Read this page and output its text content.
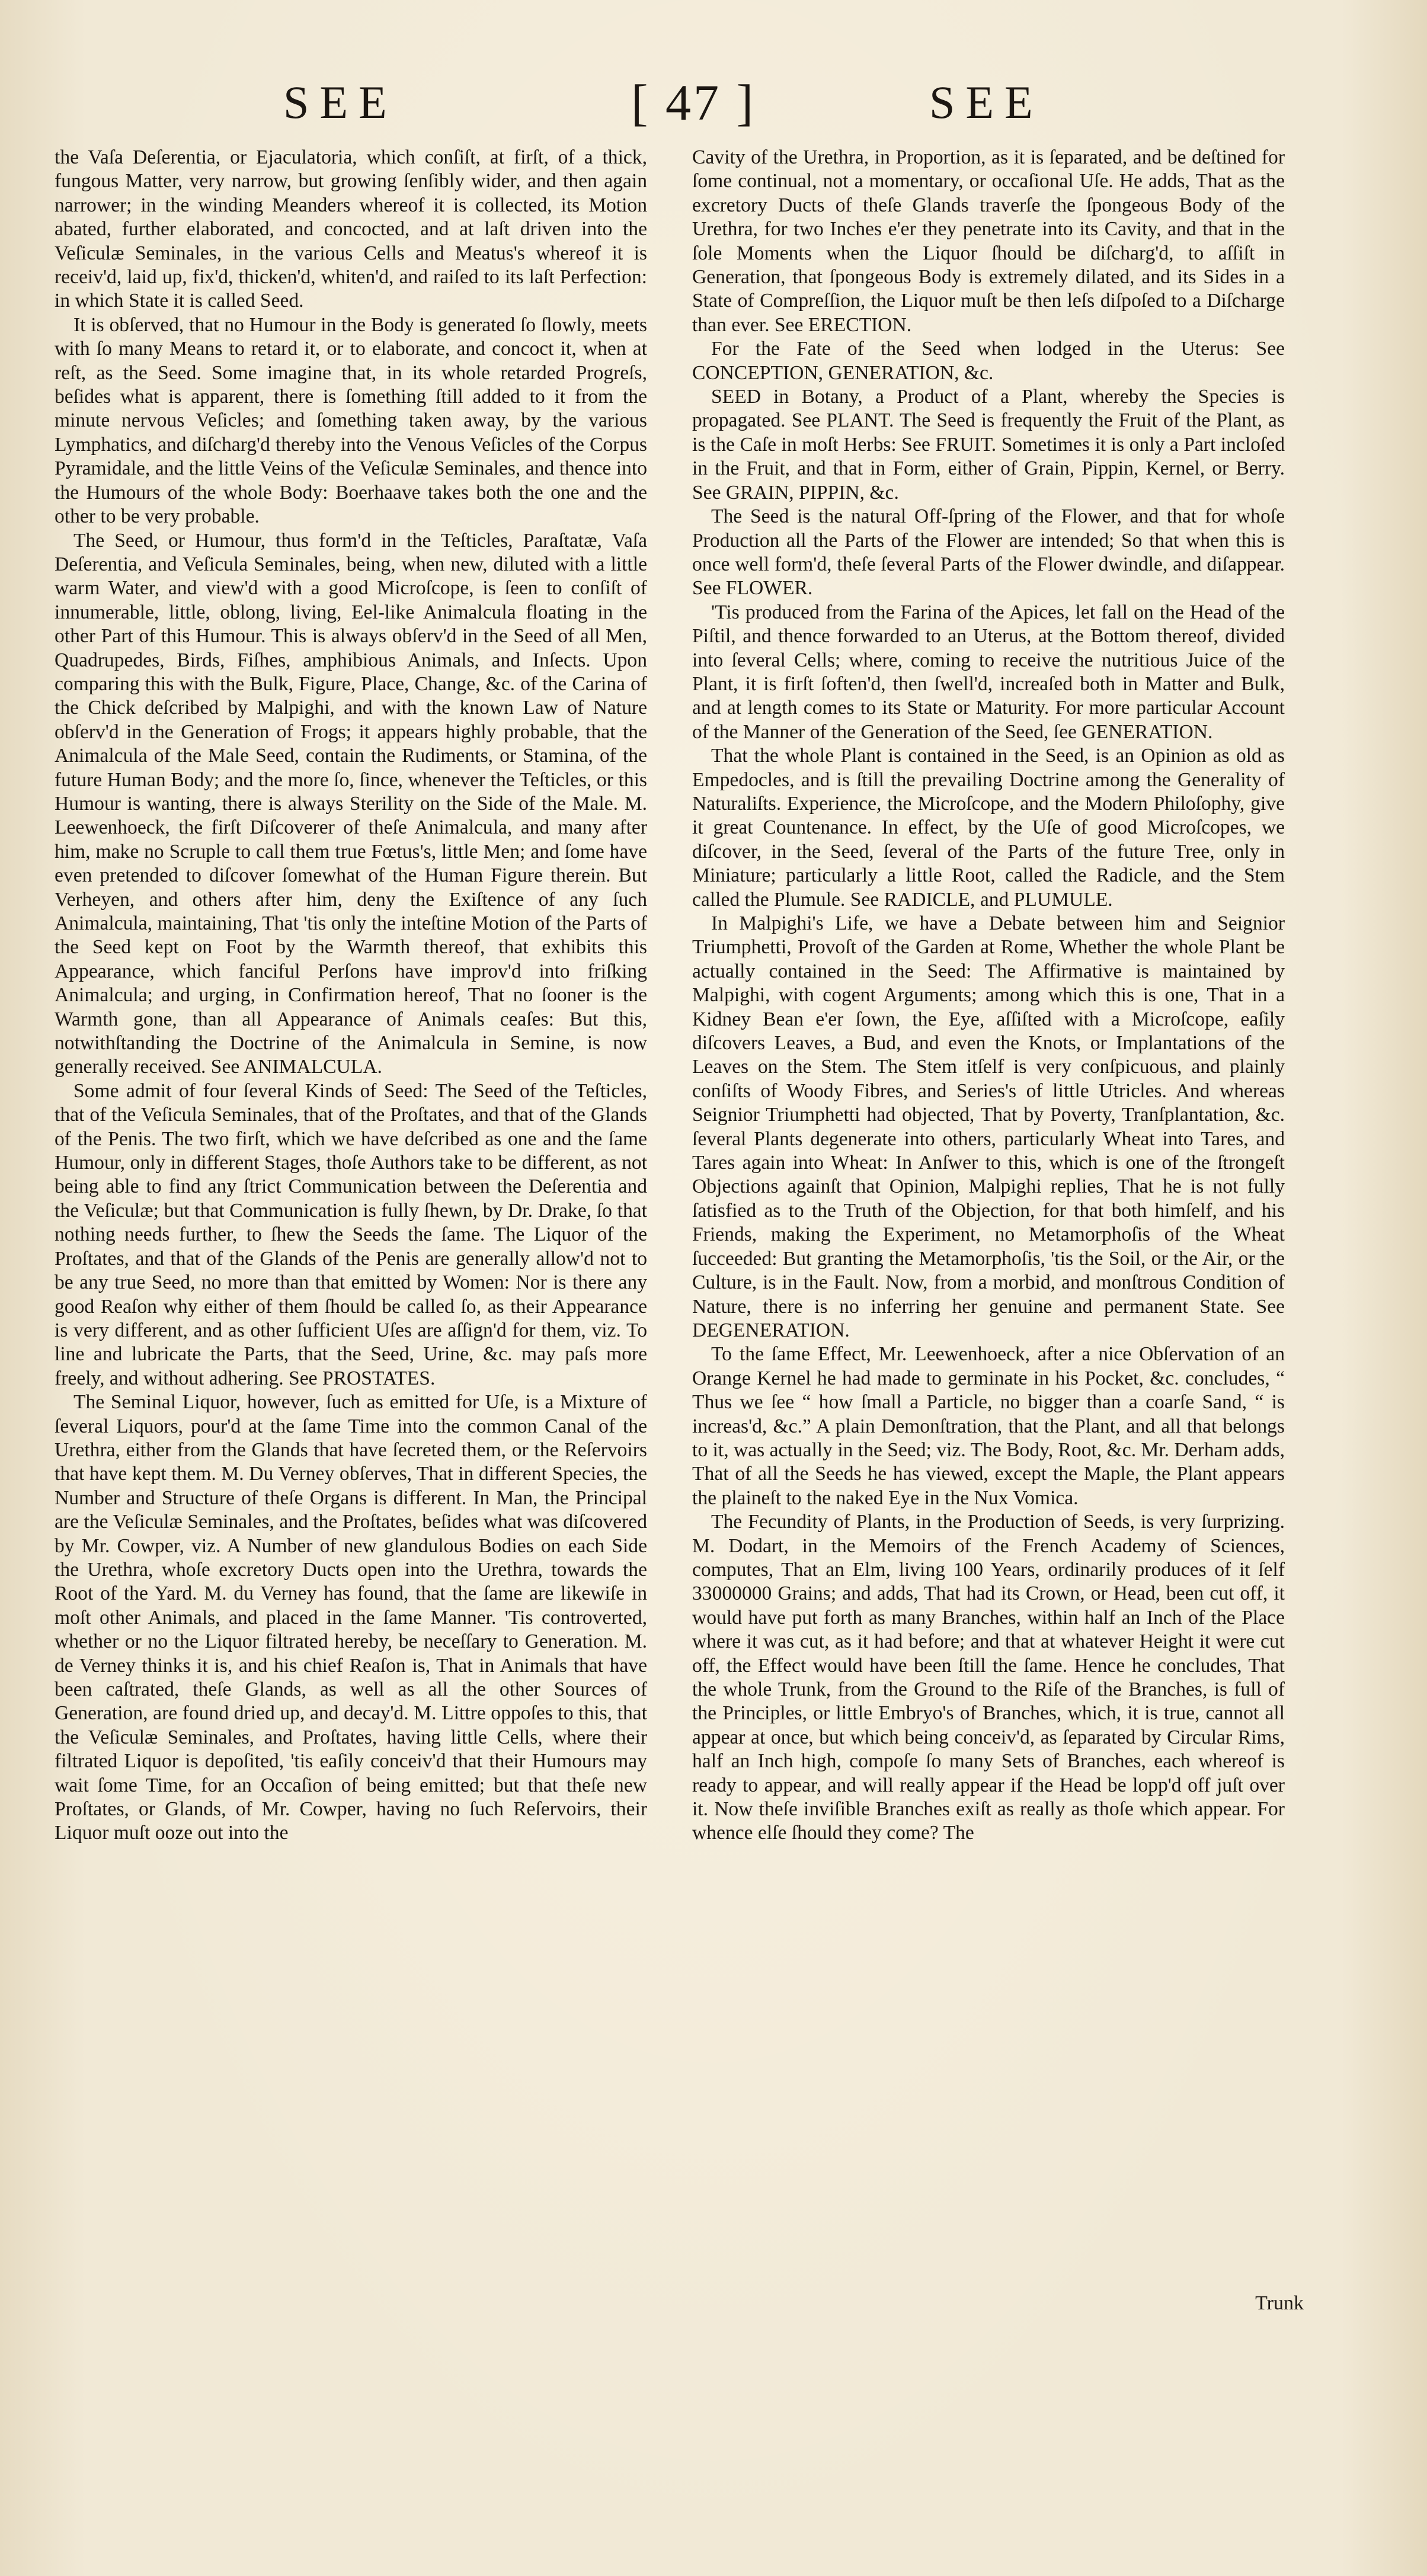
SEE	[ 47 ]	SEE

the Vaſa Deſerentia, or Ejaculatoria, which conſiſt, at firſt, of a thick, fungous Matter, very narrow, but growing ſenſibly wider, and then again narrower; in the winding Meanders whereof it is collected, its Motion abated, further elaborated, and concocted, and at laſt driven into the Veſiculæ Seminales, in the various Cells and Meatus's whereof it is receiv'd, laid up, fix'd, thicken'd, whiten'd, and raiſed to its laſt Perfection: in which State it is called Seed.

It is obſerved, that no Humour in the Body is generated ſo ſlowly, meets with ſo many Means to retard it, or to elaborate, and concoct it, when at reſt, as the Seed. Some imagine that, in its whole retarded Progreſs, beſides what is apparent, there is ſomething ſtill added to it from the minute nervous Veſicles; and ſomething taken away, by the various Lymphatics, and diſcharg'd thereby into the Venous Veſicles of the Corpus Pyramidale, and the little Veins of the Veſiculæ Seminales, and thence into the Humours of the whole Body: Boerhaave takes both the one and the other to be very probable.

The Seed, or Humour, thus form'd in the Teſticles, Paraſtatæ, Vaſa Deſerentia, and Veſicula Seminales, being, when new, diluted with a little warm Water, and view'd with a good Microſcope, is ſeen to conſiſt of innumerable, little, oblong, living, Eel-like Animalcula floating in the other Part of this Humour. This is always obſerv'd in the Seed of all Men, Quadrupedes, Birds, Fiſhes, amphibious Animals, and Inſects. Upon comparing this with the Bulk, Figure, Place, Change, &c. of the Carina of the Chick deſcribed by Malpighi, and with the known Law of Nature obſerv'd in the Generation of Frogs; it appears highly probable, that the Animalcula of the Male Seed, contain the Rudiments, or Stamina, of the future Human Body; and the more ſo, ſince, whenever the Teſticles, or this Humour is wanting, there is always Sterility on the Side of the Male. M. Leewenhoeck, the firſt Diſcoverer of theſe Animalcula, and many after him, make no Scruple to call them true Fœtus's, little Men; and ſome have even pretended to diſcover ſomewhat of the Human Figure therein. But Verheyen, and others after him, deny the Exiſtence of any ſuch Animalcula, maintaining, That 'tis only the inteſtine Motion of the Parts of the Seed kept on Foot by the Warmth thereof, that exhibits this Appearance, which fanciful Perſons have improv'd into friſking Animalcula; and urging, in Confirmation hereof, That no ſooner is the Warmth gone, than all Appearance of Animals ceaſes: But this, notwithſtanding the Doctrine of the Animalcula in Semine, is now generally received. See ANIMALCULA.

Some admit of four ſeveral Kinds of Seed: The Seed of the Teſticles, that of the Veſicula Seminales, that of the Proſtates, and that of the Glands of the Penis. The two firſt, which we have deſcribed as one and the ſame Humour, only in different Stages, thoſe Authors take to be different, as not being able to find any ſtrict Communication between the Deſerentia and the Veſiculæ; but that Communication is fully ſhewn, by Dr. Drake, ſo that nothing needs further, to ſhew the Seeds the ſame. The Liquor of the Proſtates, and that of the Glands of the Penis are generally allow'd not to be any true Seed, no more than that emitted by Women: Nor is there any good Reaſon why either of them ſhould be called ſo, as their Appearance is very different, and as other ſufficient Uſes are aſſign'd for them, viz. To line and lubricate the Parts, that the Seed, Urine, &c. may paſs more freely, and without adhering. See PROSTATES.

The Seminal Liquor, however, ſuch as emitted for Uſe, is a Mixture of ſeveral Liquors, pour'd at the ſame Time into the common Canal of the Urethra, either from the Glands that have ſecreted them, or the Reſervoirs that have kept them. M. Du Verney obſerves, That in different Species, the Number and Structure of theſe Organs is different. In Man, the Principal are the Veſiculæ Seminales, and the Proſtates, beſides what was diſcovered by Mr. Cowper, viz. A Number of new glandulous Bodies on each Side the Urethra, whoſe excretory Ducts open into the Urethra, towards the Root of the Yard. M. du Verney has found, that the ſame are likewiſe in moſt other Animals, and placed in the ſame Manner. 'Tis controverted, whether or no the Liquor filtrated hereby, be neceſſary to Generation. M. de Verney thinks it is, and his chief Reaſon is, That in Animals that have been caſtrated, theſe Glands, as well as all the other Sources of Generation, are found dried up, and decay'd. M. Littre oppoſes to this, that the Veſiculæ Seminales, and Proſtates, having little Cells, where their filtrated Liquor is depoſited, 'tis eaſily conceiv'd that their Humours may wait ſome Time, for an Occaſion of being emitted; but that theſe new Proſtates, or Glands, of Mr. Cowper, having no ſuch Reſervoirs, their Liquor muſt ooze out into the

Cavity of the Urethra, in Proportion, as it is ſeparated, and be deſtined for ſome continual, not a momentary, or occaſional Uſe. He adds, That as the excretory Ducts of theſe Glands traverſe the ſpongeous Body of the Urethra, for two Inches e'er they penetrate into its Cavity, and that in the ſole Moments when the Liquor ſhould be diſcharg'd, to aſſiſt in Generation, that ſpongeous Body is extremely dilated, and its Sides in a State of Compreſſion, the Liquor muſt be then leſs diſpoſed to a Diſcharge than ever. See ERECTION.

For the Fate of the Seed when lodged in the Uterus: See CONCEPTION, GENERATION, &c.

SEED in Botany, a Product of a Plant, whereby the Species is propagated. See PLANT. The Seed is frequently the Fruit of the Plant, as is the Caſe in moſt Herbs: See FRUIT. Sometimes it is only a Part incloſed in the Fruit, and that in Form, either of Grain, Pippin, Kernel, or Berry. See GRAIN, PIPPIN, &c.

The Seed is the natural Off-ſpring of the Flower, and that for whoſe Production all the Parts of the Flower are intended; So that when this is once well form'd, theſe ſeveral Parts of the Flower dwindle, and diſappear. See FLOWER.

'Tis produced from the Farina of the Apices, let fall on the Head of the Piſtil, and thence forwarded to an Uterus, at the Bottom thereof, divided into ſeveral Cells; where, coming to receive the nutritious Juice of the Plant, it is firſt ſoften'd, then ſwell'd, increaſed both in Matter and Bulk, and at length comes to its State or Maturity. For more particular Account of the Manner of the Generation of the Seed, ſee GENERATION.

That the whole Plant is contained in the Seed, is an Opinion as old as Empedocles, and is ſtill the prevailing Doctrine among the Generality of Naturaliſts. Experience, the Microſcope, and the Modern Philoſophy, give it great Countenance. In effect, by the Uſe of good Microſcopes, we diſcover, in the Seed, ſeveral of the Parts of the future Tree, only in Miniature; particularly a little Root, called the Radicle, and the Stem called the Plumule. See RADICLE, and PLUMULE.

In Malpighi's Life, we have a Debate between him and Seignior Triumphetti, Provoſt of the Garden at Rome, Whether the whole Plant be actually contained in the Seed: The Affirmative is maintained by Malpighi, with cogent Arguments; among which this is one, That in a Kidney Bean e'er ſown, the Eye, aſſiſted with a Microſcope, eaſily diſcovers Leaves, a Bud, and even the Knots, or Implantations of the Leaves on the Stem. The Stem itſelf is very conſpicuous, and plainly conſiſts of Woody Fibres, and Series's of little Utricles. And whereas Seignior Triumphetti had objected, That by Poverty, Tranſplantation, &c. ſeveral Plants degenerate into others, particularly Wheat into Tares, and Tares again into Wheat: In Anſwer to this, which is one of the ſtrongeſt Objections againſt that Opinion, Malpighi replies, That he is not fully ſatisfied as to the Truth of the Objection, for that both himſelf, and his Friends, making the Experiment, no Metamorphoſis of the Wheat ſucceeded: But granting the Metamorphoſis, 'tis the Soil, or the Air, or the Culture, is in the Fault. Now, from a morbid, and monſtrous Condition of Nature, there is no inferring her genuine and permanent State. See DEGENERATION.

To the ſame Effect, Mr. Leewenhoeck, after a nice Obſervation of an Orange Kernel he had made to germinate in his Pocket, &c. concludes, “ Thus we ſee “ how ſmall a Particle, no bigger than a coarſe Sand, “ is increas'd, &c.” A plain Demonſtration, that the Plant, and all that belongs to it, was actually in the Seed; viz. The Body, Root, &c. Mr. Derham adds, That of all the Seeds he has viewed, except the Maple, the Plant appears the plaineſt to the naked Eye in the Nux Vomica.

The Fecundity of Plants, in the Production of Seeds, is very ſurprizing. M. Dodart, in the Memoirs of the French Academy of Sciences, computes, That an Elm, living 100 Years, ordinarily produces of it ſelf 33000000 Grains; and adds, That had its Crown, or Head, been cut off, it would have put forth as many Branches, within half an Inch of the Place where it was cut, as it had before; and that at whatever Height it were cut off, the Effect would have been ſtill the ſame. Hence he concludes, That the whole Trunk, from the Ground to the Riſe of the Branches, is full of the Principles, or little Embryo's of Branches, which, it is true, cannot all appear at once, but which being conceiv'd, as ſeparated by Circular Rims, half an Inch high, compoſe ſo many Sets of Branches, each whereof is ready to appear, and will really appear if the Head be lopp'd off juſt over it. Now theſe inviſible Branches exiſt as really as thoſe which appear. For whence elſe ſhould they come? The

Trunk
